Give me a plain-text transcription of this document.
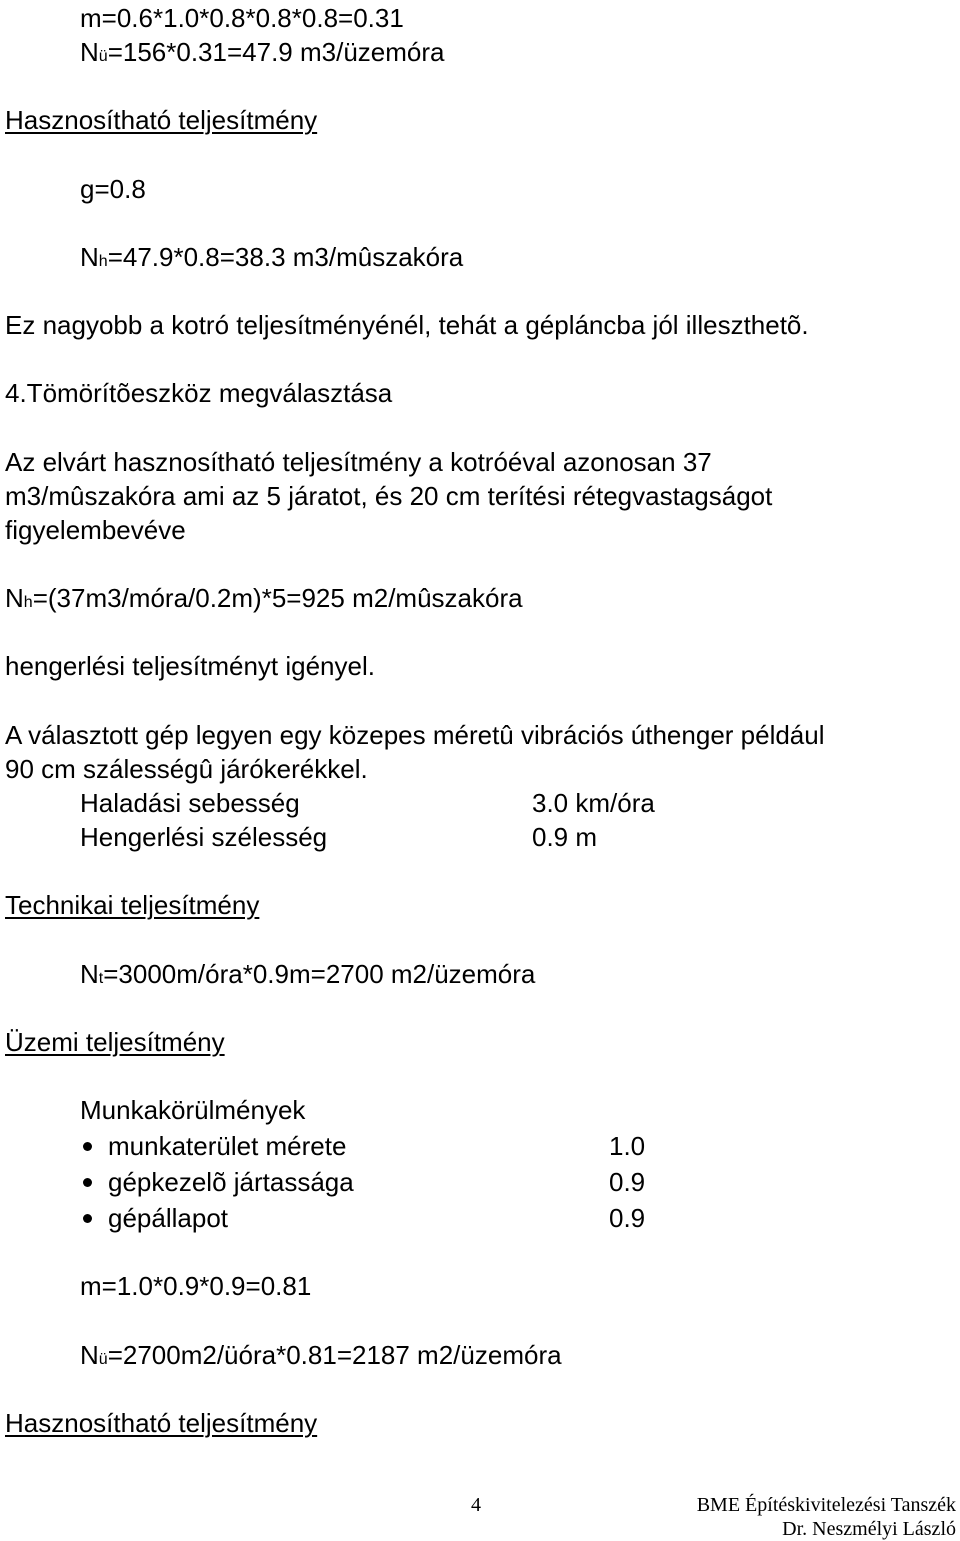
m=0.6*1.0*0.8*0.8*0.8=0.31
Nü=156*0.31=47.9 m3/üzemóra
Hasznosítható teljesítmény
g=0.8
Nh=47.9*0.8=38.3 m3/mûszakóra
Ez nagyobb a kotró teljesítményénél, tehát a gépláncba jól illeszthetõ.
4.Tömörítõeszköz megválasztása
Az elvárt hasznosítható teljesítmény a kotróéval azonosan 37
m3/mûszakóra ami az 5 járatot, és 20 cm terítési rétegvastagságot
figyelembevéve
Nh=(37m3/móra/0.2m)*5=925 m2/mûszakóra
hengerlési teljesítményt igényel.
A választott gép legyen egy közepes méretû vibrációs úthenger például
90 cm szálességû járókerékkel.
Haladási sebesség	3.0 km/óra
Hengerlési szélesség	0.9 m
Technikai teljesítmény
Nt=3000m/óra*0.9m=2700 m2/üzemóra
Üzemi teljesítmény
Munkakörülmények
munkaterület mérete	1.0
gépkezelõ jártassága	0.9
gépállapot	0.9
m=1.0*0.9*0.9=0.81
Nü=2700m2/üóra*0.81=2187 m2/üzemóra
Hasznosítható teljesítmény
4	BME Építéskivitelezési Tanszék
Dr. Neszmélyi László
